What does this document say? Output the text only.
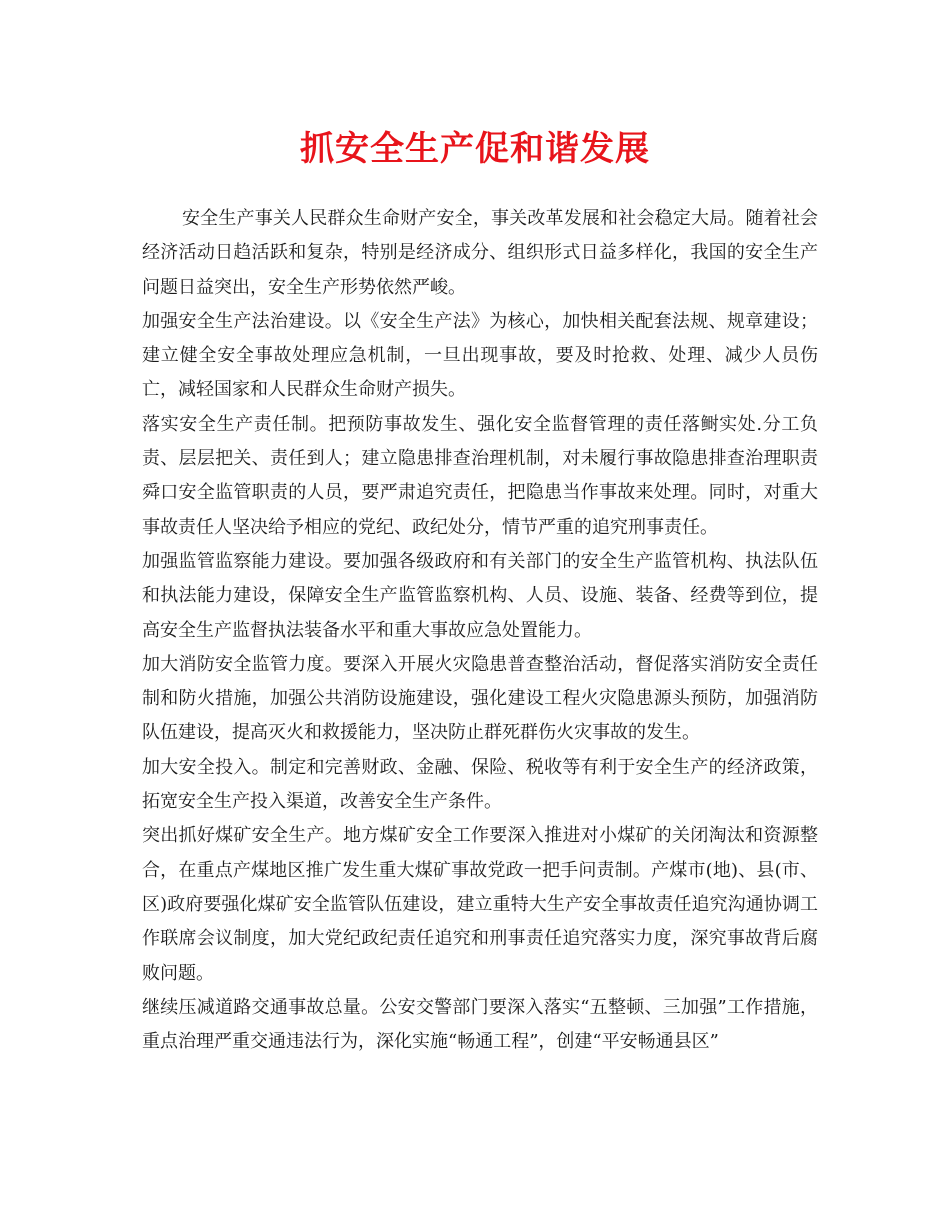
抓安全生产促和谐发展

安全生产事关人民群众生命财产安全，事关改革发展和社会稳定大局。随着社会经济活动日趋活跃和复杂，特别是经济成分、组织形式日益多样化，我国的安全生产问题日益突出，安全生产形势依然严峻。

加强安全生产法治建设。以《安全生产法》为核心，加快相关配套法规、规章建设；建立健全安全事故处理应急机制，一旦出现事故，要及时抢救、处理、减少人员伤亡，减轻国家和人民群众生命财产损失。

落实安全生产责任制。把预防事故发生、强化安全监督管理的责任落鲥实处.分工负责、层层把关、责任到人；建立隐患排查治理机制，对未履行事故隐患排查治理职责舜口安全监管职责的人员，要严肃追究责任，把隐患当作事故来处理。同时，对重大事故责任人坚决给予相应的党纪、政纪处分，情节严重的追究刑事责任。

加强监管监察能力建设。要加强各级政府和有关部门的安全生产监管机构、执法队伍和执法能力建设，保障安全生产监管监察机构、人员、设施、装备、经费等到位，提高安全生产监督执法装备水平和重大事故应急处置能力。

加大消防安全监管力度。要深入开展火灾隐患普查整治活动，督促落实消防安全责任制和防火措施，加强公共消防设施建设，强化建设工程火灾隐患源头预防，加强消防队伍建设，提高灭火和救援能力，坚决防止群死群伤火灾事故的发生。

加大安全投入。制定和完善财政、金融、保险、税收等有利于安全生产的经济政策，拓宽安全生产投入渠道，改善安全生产条件。

突出抓好煤矿安全生产。地方煤矿安全工作要深入推进对小煤矿的关闭淘汰和资源整合，在重点产煤地区推广发生重大煤矿事故党政一把手问责制。产煤市(地)、县(市、区)政府要强化煤矿安全监管队伍建设，建立重特大生产安全事故责任追究沟通协调工作联席会议制度，加大党纪政纪责任追究和刑事责任追究落实力度，深究事故背后腐败问题。

继续压减道路交通事故总量。公安交警部门要深入落实“五整顿、三加强”工作措施，重点治理严重交通违法行为，深化实施“畅通工程”，创建“平安畅通县区”
